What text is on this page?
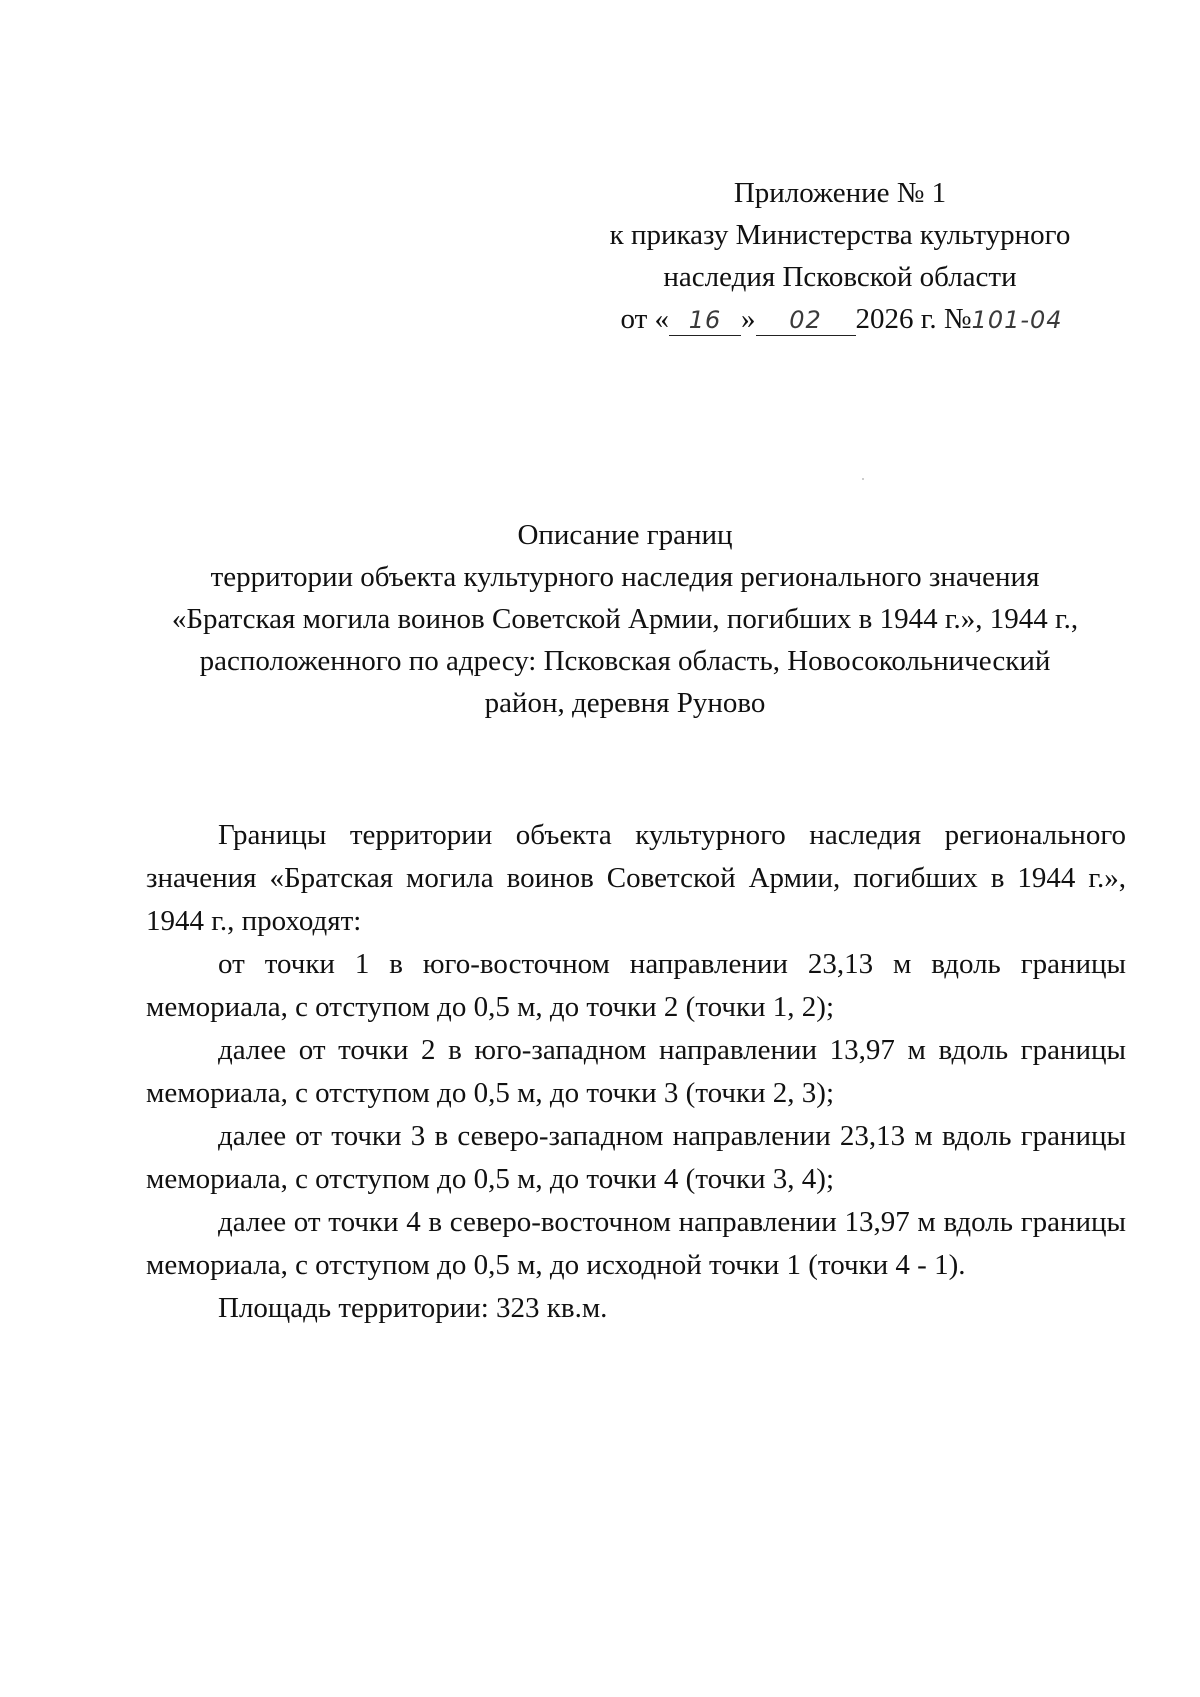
Приложение № 1
к приказу Министерства культурного
наследия Псковской области
от « 16 » 02 2026 г. №101-04
Описание границ
территории объекта культурного наследия регионального значения
«Братская могила воинов Советской Армии, погибших в 1944 г.», 1944 г.,
расположенного по адресу: Псковская область, Новосокольнический
район, деревня Руново

Границы территории объекта культурного наследия регионального значения «Братская могила воинов Советской Армии, погибших в 1944 г.», 1944 г., проходят:

от точки 1 в юго-восточном направлении 23,13 м вдоль границы мемориала, с отступом до 0,5 м, до точки 2 (точки 1, 2);

далее от точки 2 в юго-западном направлении 13,97 м вдоль границы мемориала, с отступом до 0,5 м, до точки 3 (точки 2, 3);

далее от точки 3 в северо-западном направлении 23,13 м вдоль границы мемориала, с отступом до 0,5 м, до точки 4 (точки 3, 4);

далее от точки 4 в северо-восточном направлении 13,97 м вдоль границы мемориала, с отступом до 0,5 м, до исходной точки 1 (точки 4 - 1).

Площадь территории: 323 кв.м.
